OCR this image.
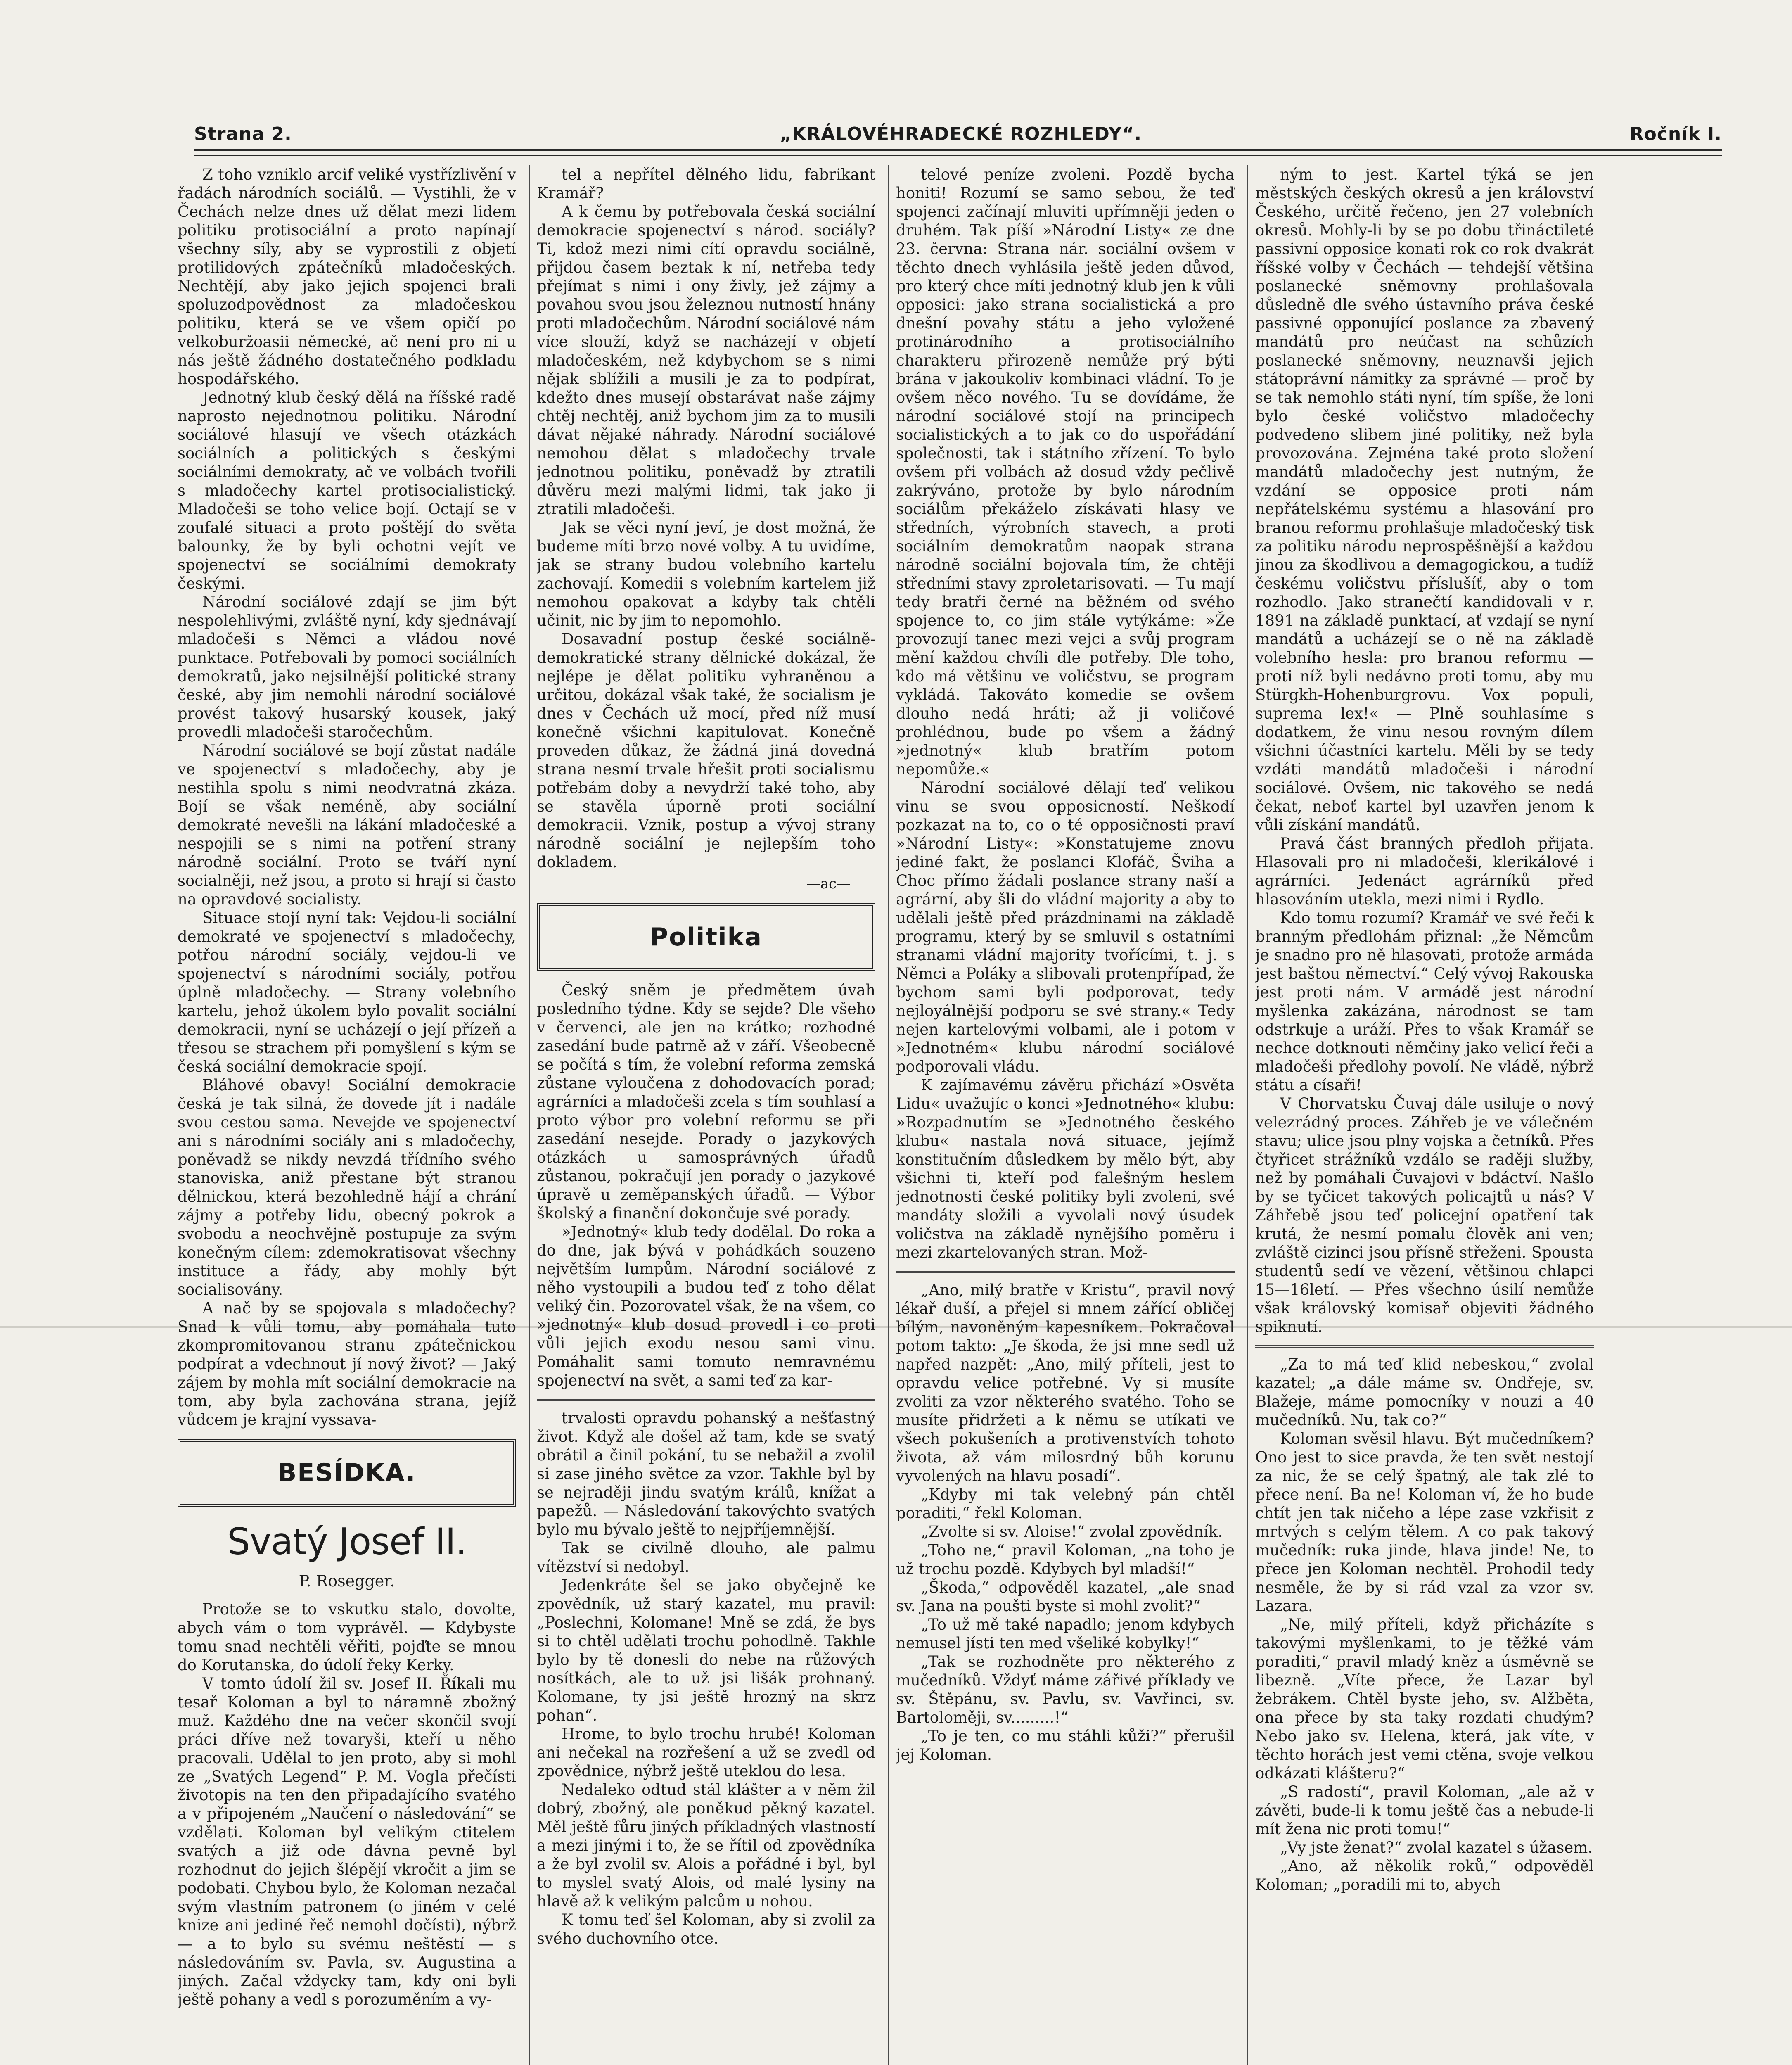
Strana 2.	„KRÁLOVÉHRADECKÉ ROZHLEDY“.	Ročník I.

Z toho vzniklo arcif veliké vystřízlivění v řadách národních sociálů. — Vystihli, že v Čechách nelze dnes už dělat mezi lidem politiku protisociální a proto napínají všechny síly, aby se vyprostili z objetí protilidových zpátečníků mladočeských. Nechtějí, aby jako jejich spojenci brali spoluzodpovědnost za mladočeskou politiku, která se ve všem opičí po velkoburžoasii německé, ač není pro ni u nás ještě žádného dostatečného podkladu hospodářského.

Jednotný klub český dělá na říšské radě naprosto nejednotnou politiku. Národní sociálové hlasují ve všech otázkách sociálních a politických s českými sociálními demokraty, ač ve volbách tvořili s mladočechy kartel protisocialistický. Mladočeši se toho velice bojí. Octají se v zoufalé situaci a proto poštějí do světa balounky, že by byli ochotni vejít ve spojenectví se sociálními demokraty českými.

Národní sociálové zdají se jim být nespolehlivými, zvláště nyní, kdy sjednávají mladočeši s Němci a vládou nové punktace. Potřebovali by pomoci sociálních demokratů, jako nejsilnější politické strany české, aby jim nemohli národní sociálové provést takový husarský kousek, jaký provedli mladočeši staročechům.

Národní sociálové se bojí zůstat nadále ve spojenectví s mladočechy, aby je nestihla spolu s nimi neodvratná zkáza. Bojí se však neméně, aby sociální demokraté nevešli na lákání mladočeské a nespojili se s nimi na potření strany národně sociální. Proto se tváří nyní socialněji, než jsou, a proto si hrají si často na opravdové socialisty.

Situace stojí nyní tak: Vejdou-li sociální demokraté ve spojenectví s mladočechy, potřou národní sociály, vejdou-li ve spojenectví s národními sociály, potřou úplně mladočechy. — Strany volebního kartelu, jehož úkolem bylo povalit sociální demokracii, nyní se ucházejí o její přízeň a třesou se strachem při pomyšlení s kým se česká sociální demokracie spojí.

Bláhové obavy! Sociální demokracie česká je tak silná, že dovede jít i nadále svou cestou sama. Nevejde ve spojenectví ani s národními sociály ani s mladočechy, poněvadž se nikdy nevzdá třídního svého stanoviska, aniž přestane být stranou dělnickou, která bezohledně hájí a chrání zájmy a potřeby lidu, obecný pokrok a svobodu a neochvějně postupuje za svým konečným cílem: zdemokratisovat všechny instituce a řády, aby mohly být socialisovány.

A nač by se spojovala s mladočechy? Snad k vůli tomu, aby pomáhala tuto zkompromitovanou stranu zpátečnickou podpírat a vdechnout jí nový život? — Jaký zájem by mohla mít sociální demokracie na tom, aby byla zachována strana, jejíž vůdcem je krajní vyssava-

BESÍDKA.
Svatý Josef II.
P. Rosegger.

Protože se to vskutku stalo, dovolte, abych vám o tom vyprávěl. — Kdybyste tomu snad nechtěli věřiti, pojďte se mnou do Korutanska, do údolí řeky Kerky.

V tomto údolí žil sv. Josef II. Říkali mu tesař Koloman a byl to náramně zbožný muž. Každého dne na večer skončil svojí práci dříve než tovaryši, kteří u něho pracovali. Udělal to jen proto, aby si mohl ze „Svatých Legend“ P. M. Vogla přečísti životopis na ten den připadajícího svatého a v připojeném „Naučení o následování“ se vzdělati. Koloman byl velikým ctitelem svatých a již ode dávna pevně byl rozhodnut do jejich šlépějí vkročit a jim se podobati. Chybou bylo, že Koloman nezačal svým vlastním patronem (o jiném v celé knize ani jediné řeč nemohl dočísti), nýbrž — a to bylo su svému neštěstí — s následováním sv. Pavla, sv. Augustina a jiných. Začal vždycky tam, kdy oni byli ještě pohany a vedl s porozuměním a vy-

tel a nepřítel dělného lidu, fabrikant Kramář?

A k čemu by potřebovala česká sociální demokracie spojenectví s národ. sociály? Ti, kdož mezi nimi cítí opravdu sociálně, přijdou časem beztak k ní, netřeba tedy přejímat s nimi i ony živly, jež zájmy a povahou svou jsou železnou nutností hnány proti mladočechům. Národní sociálové nám více slouží, když se nacházejí v objetí mladočeském, než kdybychom se s nimi nějak sblížili a musili je za to podpírat, kdežto dnes musejí obstarávat naše zájmy chtěj nechtěj, aniž bychom jim za to musili dávat nějaké náhrady. Národní sociálové nemohou dělat s mladočechy trvale jednotnou politiku, poněvadž by ztratili důvěru mezi malými lidmi, tak jako ji ztratili mladočeši.

Jak se věci nyní jeví, je dost možná, že budeme míti brzo nové volby. A tu uvidíme, jak se strany budou volebního kartelu zachovají. Komedii s volebním kartelem již nemohou opakovat a kdyby tak chtěli učinit, nic by jim to nepomohlo.

Dosavadní postup české sociálně-demokratické strany dělnické dokázal, že nejlépe je dělat politiku vyhraněnou a určitou, dokázal však také, že socialism je dnes v Čechách už mocí, před níž musí konečně všichni kapitulovat. Konečně proveden důkaz, že žádná jiná dovedná strana nesmí trvale hřešit proti socialismu potřebám doby a nevydrží také toho, aby se stavěla úporně proti sociální demokracii. Vznik, postup a vývoj strany národně sociální je nejlepším toho dokladem.

—ac—
Politika

Český sněm je předmětem úvah posledního týdne. Kdy se sejde? Dle všeho v červenci, ale jen na krátko; rozhodné zasedání bude patrně až v září. Všeobecně se počítá s tím, že volební reforma zemská zůstane vyloučena z dohodovacích porad; agrárníci a mladočeši zcela s tím souhlasí a proto výbor pro volební reformu se při zasedání nesejde. Porady o jazykových otázkách u samosprávných úřadů zůstanou, pokračují jen porady o jazykové úpravě u zeměpanských úřadů. — Výbor školský a finanční dokončuje své porady.

»Jednotný« klub tedy dodělal. Do roka a do dne, jak bývá v pohádkách souzeno největším lumpům. Národní sociálové z něho vystoupili a budou teď z toho dělat veliký čin. Pozorovatel však, že na všem, co »jednotný« klub dosud provedl i co proti vůli jejich exodu nesou sami vinu. Pomáhalit sami tomuto nemravnému spojenectví na svět, a sami teď za kar-

trvalosti opravdu pohanský a nešťastný život. Když ale došel až tam, kde se svatý obrátil a činil pokání, tu se nebažil a zvolil si zase jiného světce za vzor. Takhle byl by se nejraději jindu svatým králů, knížat a papežů. — Následování takovýchto svatých bylo mu bývalo ještě to nejpříjemnější.

Tak se civilně dlouho, ale palmu vítězství si nedobyl.

Jedenkráte šel se jako obyčejně ke zpovědník, už starý kazatel, mu pravil: „Poslechni, Kolomane! Mně se zdá, že bys si to chtěl udělati trochu pohodlně. Takhle bylo by tě donesli do nebe na růžových nosítkách, ale to už jsi lišák prohnaný. Kolomane, ty jsi ještě hrozný na skrz pohan“.

Hrome, to bylo trochu hrubé! Koloman ani nečekal na rozřešení a už se zvedl od zpovědnice, nýbrž ještě uteklou do lesa.

Nedaleko odtud stál klášter a v něm žil dobrý, zbožný, ale poněkud pěkný kazatel. Měl ještě fůru jiných příkladných vlastností a mezi jinými i to, že se řítil od zpovědníka a že byl zvolil sv. Alois a pořádné i byl, byl to myslel svatý Alois, od malé lysiny na hlavě až k velikým palcům u nohou.

K tomu teď šel Koloman, aby si zvolil za svého duchovního otce.

telové peníze zvoleni. Pozdě bycha honiti! Rozumí se samo sebou, že teď spojenci začínají mluviti upřímněji jeden o druhém. Tak píší »Národní Listy« ze dne 23. června: Strana nár. sociální ovšem v těchto dnech vyhlásila ještě jeden důvod, pro který chce míti jednotný klub jen k vůli opposici: jako strana socialistická a pro dnešní povahy státu a jeho vyložené protinárodního a protisociálního charakteru přirozeně nemůže prý býti brána v jakoukoliv kombinaci vládní. To je ovšem něco nového. Tu se dovídáme, že národní sociálové stojí na principech socialistických a to jak co do uspořádání společnosti, tak i státního zřízení. To bylo ovšem při volbách až dosud vždy pečlivě zakrýváno, protože by bylo národním sociálům překáželo získávati hlasy ve středních, výrobních stavech, a proti sociálním demokratům naopak strana národně sociální bojovala tím, že chtěji středními stavy zproletarisovati. — Tu mají tedy bratři černé na běžném od svého spojence to, co jim stále vytýkáme: »Že provozují tanec mezi vejci a svůj program mění každou chvíli dle potřeby. Dle toho, kdo má většinu ve voličstvu, se program vykládá. Takováto komedie se ovšem dlouho nedá hráti; až ji voličové prohlédnou, bude po všem a žádný »jednotný« klub bratřím potom nepomůže.«

Národní sociálové dělají teď velikou vinu se svou opposicností. Neškodí pozkazat na to, co o té opposičnosti praví »Národní Listy«: »Konstatujeme znovu jediné fakt, že poslanci Klofáč, Šviha a Choc přímo žádali poslance strany naší a agrární, aby šli do vládní majority a aby to udělali ještě před prázdninami na základě programu, který by se smluvil s ostatními stranami vládní majority tvořícími, t. j. s Němci a Poláky a slibovali protenpřípad, že bychom sami byli podporovat, tedy nejloyálnější podporu se své strany.« Tedy nejen kartelovými volbami, ale i potom v »Jednotném« klubu národní sociálové podporovali vládu.

K zajímavému závěru přichází »Osvěta Lidu« uvažujíc o konci »Jednotného« klubu: »Rozpadnutím se »Jednotného českého klubu« nastala nová situace, jejímž konstitučním důsledkem by mělo být, aby všichni ti, kteří pod falešným heslem jednotnosti české politiky byli zvoleni, své mandáty složili a vyvolali nový úsudek voličstva na základě nynějšího poměru i mezi zkartelovaných stran. Mož-

„Ano, milý bratře v Kristu“, pravil nový lékař duší, a přejel si mnem zářící obličej bílým, navoněným kapesníkem. Pokračoval potom takto: „Je škoda, že jsi mne sedl už napřed nazpět: „Ano, milý příteli, jest to opravdu velice potřebné. Vy si musíte zvoliti za vzor některého svatého. Toho se musíte přidržeti a k němu se utíkati ve všech pokušeních a protivenstvích tohoto života, až vám milosrdný bůh korunu vyvolených na hlavu posadí“.

„Kdyby mi tak velebný pán chtěl poraditi,“ řekl Koloman.

„Zvolte si sv. Aloise!“ zvolal zpovědník.

„Toho ne,“ pravil Koloman, „na toho je už trochu pozdě. Kdybych byl mladší!“

„Škoda,“ odpověděl kazatel, „ale snad sv. Jana na poušti byste si mohl zvolit?“

„To už mě také napadlo; jenom kdybych nemusel jísti ten med všeliké kobylky!“

„Tak se rozhodněte pro některého z mučedníků. Vždyť máme zářivé příklady ve sv. Štěpánu, sv. Pavlu, sv. Vavřinci, sv. Bartoloměji, sv.........!“

„To je ten, co mu stáhli kůži?“ přerušil jej Koloman.

ným to jest. Kartel týká se jen městských českých okresů a jen království Českého, určitě řečeno, jen 27 volebních okresů. Mohly-li by se po dobu třináctileté passivní opposice konati rok co rok dvakrát říšské volby v Čechách — tehdejší většina poslanecké sněmovny prohlašovala důsledně dle svého ústavního práva české passivné opponující poslance za zbavený mandátů pro neúčast na schůzích poslanecké sněmovny, neuznavši jejich státoprávní námitky za správné — proč by se tak nemohlo státi nyní, tím spíše, že loni bylo české voličstvo mladočechy podvedeno slibem jiné politiky, než byla provozována. Zejména také proto složení mandátů mladočechy jest nutným, že vzdání se opposice proti nám nepřátelskému systému a hlasování pro branou reformu prohlašuje mladočeský tisk za politiku národu neprospěšnější a každou jinou za škodlivou a demagogickou, a tudíž českému voličstvu příslušíť, aby o tom rozhodlo. Jako stranečtí kandidovali v r. 1891 na základě punktací, ať vzdají se nyní mandátů a ucházejí se o ně na základě volebního hesla: pro branou reformu — proti níž byli nedávno proti tomu, aby mu Stürgkh-Hohenburgrovu. Vox populi, suprema lex!« — Plně souhlasíme s dodatkem, že vinu nesou rovným dílem všichni účastníci kartelu. Měli by se tedy vzdáti mandátů mladočeši i národní sociálové. Ovšem, nic takového se nedá čekat, neboť kartel byl uzavřen jenom k vůli získání mandátů.

Pravá část branných předloh přijata. Hlasovali pro ni mladočeši, klerikálové i agrárníci. Jedenáct agrárníků před hlasováním utekla, mezi nimi i Rydlo.

Kdo tomu rozumí? Kramář ve své řeči k branným předlohám přiznal: „že Němcům je snadno pro ně hlasovati, protože armáda jest baštou němectví.“ Celý vývoj Rakouska jest proti nám. V armádě jest národní myšlenka zakázána, národnost se tam odstrkuje a uráží. Přes to však Kramář se nechce dotknouti němčiny jako velicí řeči a mladočeši předlohy povolí. Ne vládě, nýbrž státu a císaři!

V Chorvatsku Čuvaj dále usiluje o nový velezrádný proces. Záhřeb je ve válečném stavu; ulice jsou plny vojska a četníků. Přes čtyřicet strážníků vzdálo se raději služby, než by pomáhali Čuvajovi v bdáctví. Našlo by se tyčicet takových policajtů u nás? V Záhřebě jsou teď policejní opatření tak krutá, že nesmí pomalu člověk ani ven; zvláště cizinci jsou přísně střeženi. Spousta studentů sedí ve vězení, většinou chlapci 15—16letí. — Přes všechno úsilí nemůže však královský komisař objeviti žádného spiknutí.

„Za to má teď klid nebeskou,“ zvolal kazatel; „a dále máme sv. Ondřeje, sv. Blažeje, máme pomocníky v nouzi a 40 mučedníků. Nu, tak co?“

Koloman svěsil hlavu. Být mučedníkem? Ono jest to sice pravda, že ten svět nestojí za nic, že se celý špatný, ale tak zlé to přece není. Ba ne! Koloman ví, že ho bude chtít jen tak ničeho a lépe zase vzkřisit z mrtvých s celým tělem. A co pak takový mučedník: ruka jinde, hlava jinde! Ne, to přece jen Koloman nechtěl. Prohodil tedy nesměle, že by si rád vzal za vzor sv. Lazara.

„Ne, milý příteli, když přicházíte s takovými myšlenkami, to je těžké vám poraditi,“ pravil mladý kněz a úsměvně se libezně. „Víte přece, že Lazar byl žebrákem. Chtěl byste jeho, sv. Alžběta, ona přece by sta taky rozdati chudým? Nebo jako sv. Helena, která, jak víte, v těchto horách jest vemi ctěna, svoje velkou odkázati klášteru?“

„S radostí“, pravil Koloman, „ale až v závěti, bude-li k tomu ještě čas a nebude-li mít žena nic proti tomu!“

„Vy jste ženat?“ zvolal kazatel s úžasem.

„Ano, až několik roků,“ odpověděl Koloman; „poradili mi to, abych
